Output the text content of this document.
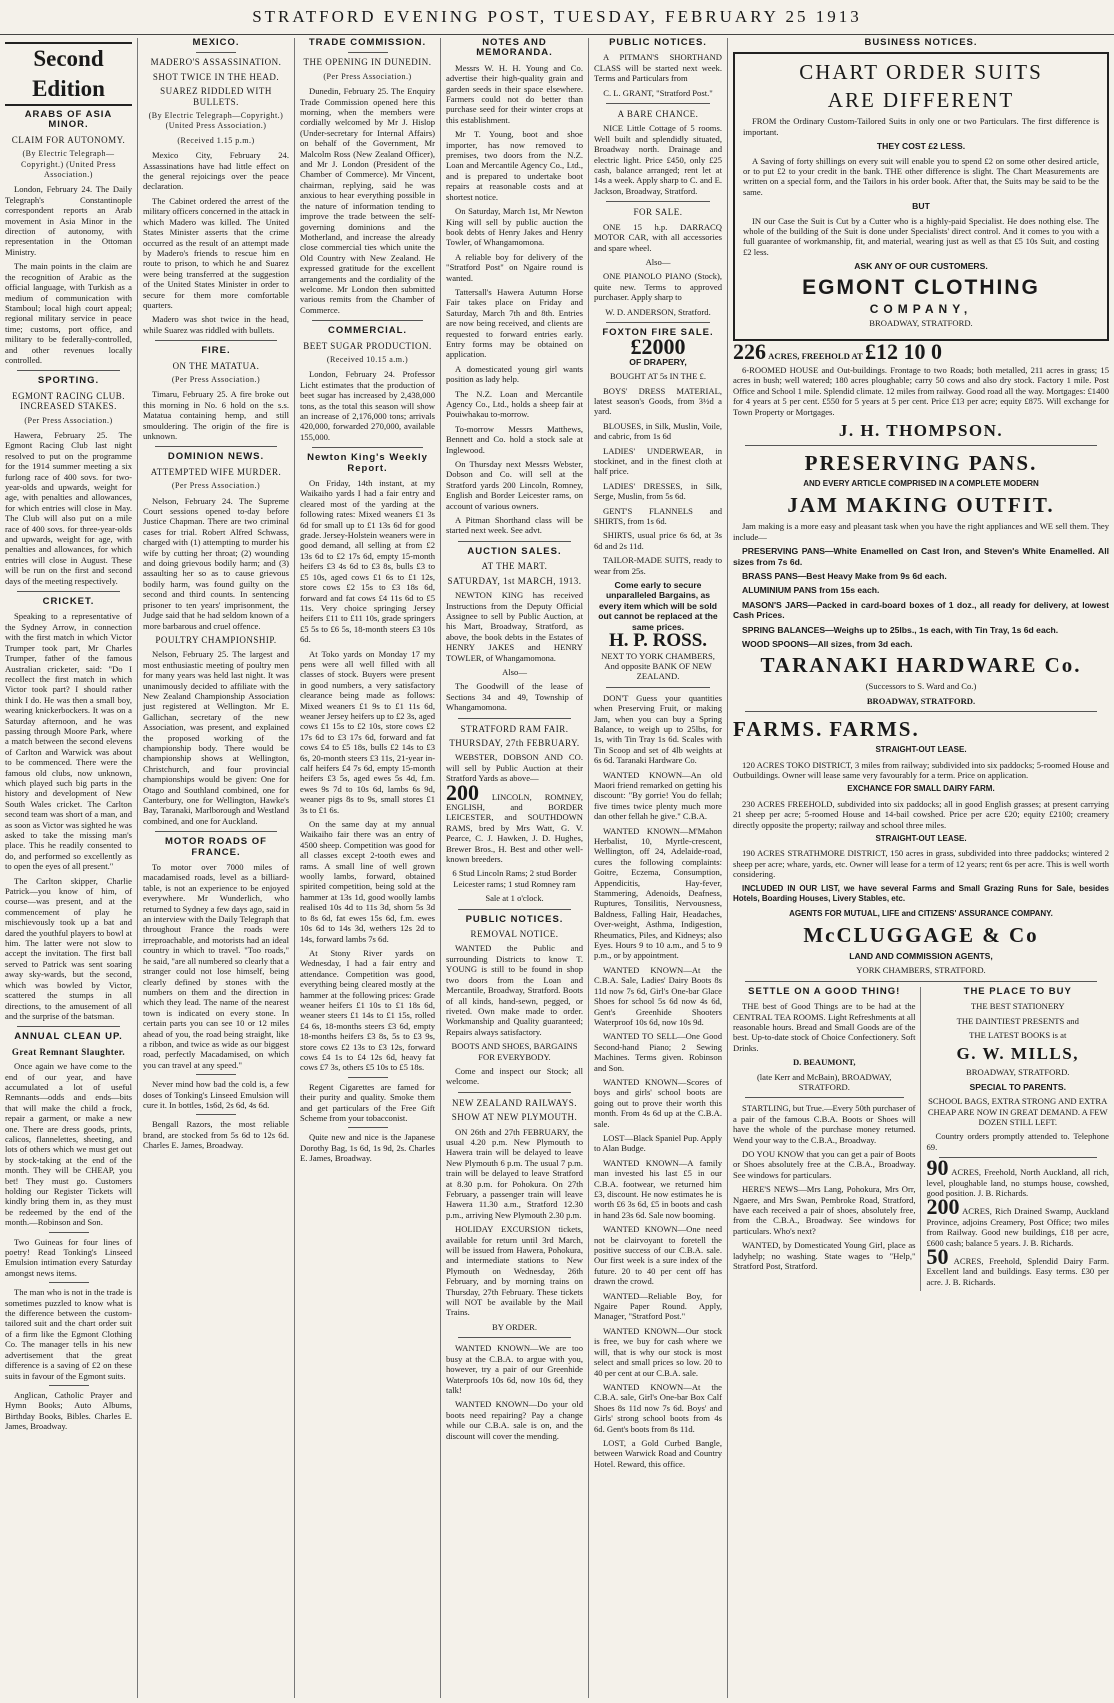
STRATFORD EVENING POST, TUESDAY, FEBRUARY 25 1913
Second Edition

ARABS OF ASIA MINOR.

CLAIM FOR AUTONOMY.

(By Electric Telegraph—Copyright.) (United Press Association.)

London, February 24. The Daily Telegraph's Constantinople correspondent reports an Arab movement in Asia Minor in the direction of autonomy, with representation in the Ottoman Ministry.

The main points in the claim are the recognition of Arabic as the official language, with Turkish as a medium of communication with Stamboul; local high court appeal; regional military service in peace time; customs, port office, and military to be federally-controlled, and other revenues locally controlled.

SPORTING.

EGMONT RACING CLUB. INCREASED STAKES.

(Per Press Association.)

Hawera, February 25. The Egmont Racing Club last night resolved to put on the programme for the 1914 summer meeting a six furlong race of 400 sovs. for two-year-olds and upwards, weight for age, with penalties and allowances, for which entries will close in May. The Club will also put on a mile race of 400 sovs. for three-year-olds and upwards, weight for age, with penalties and allowances, for which entries will close in August. These will be run on the first and second days of the meeting respectively.

CRICKET.

Speaking to a representative of the Sydney Arrow, in connection with the first match in which Victor Trumper took part, Mr Charles Trumper, father of the famous Australian cricketer, said: "Do I recollect the first match in which Victor took part? I should rather think I do. He was then a small boy, wearing knickerbockers. It was on a Saturday afternoon, and he was passing through Moore Park, where a match between the second elevens of Carlton and Warwick was about to be commenced. There were the famous old clubs, now unknown, which played such big parts in the history and development of New South Wales cricket. The Carlton second team was short of a man, and as soon as Victor was sighted he was asked to take the missing man's place. This he readily consented to do, and performed so excellently as to open the eyes of all present."

The Carlton skipper, Charlie Patrick—you know of him, of course—was present, and at the commencement of play he mischievously took up a bat and dared the youthful players to bowl at him. The latter were not slow to accept the invitation. The first ball served to Patrick was sent soaring away sky-wards, but the second, which was bowled by Victor, scattered the stumps in all directions, to the amusement of all and the surprise of the batsman.

ANNUAL CLEAN UP.

Great Remnant Slaughter.

Once again we have come to the end of our year, and have accumulated a lot of useful Remnants—odds and ends—bits that will make the child a frock, repair a garment, or make a new one. There are dress goods, prints, calicos, flannelettes, sheeting, and lots of others which we must get out by stock-taking at the end of the month. They will be CHEAP, you bet! They must go. Customers holding our Register Tickets will kindly bring them in, as they must be redeemed by the end of the month.—Robinson and Son.

Two Guineas for four lines of poetry! Read Tonking's Linseed Emulsion intimation every Saturday amongst news items.

The man who is not in the trade is sometimes puzzled to know what is the difference between the custom-tailored suit and the chart order suit of a firm like the Egmont Clothing Co. The manager tells in his new advertisement that the great difference is a saving of £2 on these suits in favour of the Egmont suits.

Anglican, Catholic Prayer and Hymn Books; Auto Albums, Birthday Books, Bibles. Charles E. James, Broadway.

MEXICO.

MADERO'S ASSASSINATION.

SHOT TWICE IN THE HEAD.

SUAREZ RIDDLED WITH BULLETS.

(By Electric Telegraph—Copyright.) (United Press Association.)

(Received 1.15 p.m.)

Mexico City, February 24. Assassinations have had little effect on the general rejoicings over the peace declaration.

The Cabinet ordered the arrest of the military officers concerned in the attack in which Madero was killed. The United States Minister asserts that the crime occurred as the result of an attempt made by Madero's friends to rescue him en route to prison, to which he and Suarez were being transferred at the suggestion of the United States Minister in order to secure for them more comfortable quarters.

Madero was shot twice in the head, while Suarez was riddled with bullets.

FIRE.

ON THE MATATUA.

(Per Press Association.)

Timaru, February 25. A fire broke out this morning in No. 6 hold on the s.s. Matatua containing hemp, and still smouldering. The origin of the fire is unknown.

DOMINION NEWS.

ATTEMPTED WIFE MURDER.

(Per Press Association.)

Nelson, February 24. The Supreme Court sessions opened to-day before Justice Chapman. There are two criminal cases for trial. Robert Alfred Schwass, charged with (1) attempting to murder his wife by cutting her throat; (2) wounding and doing grievous bodily harm; and (3) assaulting her so as to cause grievous bodily harm, was found guilty on the second and third counts. In sentencing prisoner to ten years' imprisonment, the Judge said that he had seldom known of a more barbarous and cruel offence.

POULTRY CHAMPIONSHIP.

Nelson, February 25. The largest and most enthusiastic meeting of poultry men for many years was held last night. It was unanimously decided to affiliate with the New Zealand Championship Association just registered at Wellington. Mr E. Gallichan, secretary of the new Association, was present, and explained the proposed working of the championship body. There would be championship shows at Wellington, Christchurch, and four provincial championships would be given: One for Otago and Southland combined, one for Canterbury, one for Wellington, Hawke's Bay, Taranaki, Marlborough and Westland combined, and one for Auckland.

MOTOR ROADS OF FRANCE.

To motor over 7000 miles of macadamised roads, level as a billiard-table, is not an experience to be enjoyed everywhere. Mr Wunderlich, who returned to Sydney a few days ago, said in an interview with the Daily Telegraph that throughout France the roads were irreproachable, and motorists had an ideal country in which to travel. "Too roads," he said, "are all numbered so clearly that a stranger could not lose himself, being clearly defined by stones with the numbers on them and the direction in which they lead. The name of the nearest town is indicated on every stone. In certain parts you can see 10 or 12 miles ahead of you, the road being straight, like a ribbon, and twice as wide as our biggest road, perfectly Macadamised, on which you can travel at any speed."

Never mind how bad the cold is, a few doses of Tonking's Linseed Emulsion will cure it. In bottles, 1s6d, 2s 6d, 4s 6d.

Bengall Razors, the most reliable brand, are stocked from 5s 6d to 12s 6d. Charles E. James, Broadway.

TRADE COMMISSION.

THE OPENING IN DUNEDIN.

(Per Press Association.)

Dunedin, February 25. The Enquiry Trade Commission opened here this morning, when the members were cordially welcomed by Mr J. Hislop (Under-secretary for Internal Affairs) on behalf of the Government, Mr Malcolm Ross (New Zealand Officer), and Mr J. London (President of the Chamber of Commerce). Mr Vincent, chairman, replying, said he was anxious to hear everything possible in the nature of information tending to improve the trade between the self-governing dominions and the Motherland, and increase the already close commercial ties which unite the Old Country with New Zealand. He expressed gratitude for the excellent arrangements and the cordiality of the welcome. Mr London then submitted various remits from the Chamber of Commerce.

COMMERCIAL.

BEET SUGAR PRODUCTION.

(Received 10.15 a.m.)

London, February 24. Professor Licht estimates that the production of beet sugar has increased by 2,438,000 tons, as the total this season will show an increase of 2,176,000 tons; arrivals 420,000, forwarded 270,000, available 155,000.

Newton King's Weekly Report.

On Friday, 14th instant, at my Waikaiho yards I had a fair entry and cleared most of the yarding at the following rates: Mixed weaners £1 3s 6d for small up to £1 13s 6d for good grade. Jersey-Holstein weaners were in good demand, all selling at from £2 13s 6d to £2 17s 6d, empty 15-month heifers £3 4s 6d to £3 8s, bulls £3 to £5 10s, aged cows £1 6s to £1 12s, store cows £2 15s to £3 18s 6d, forward and fat cows £4 11s 6d to £5 11s. Very choice springing Jersey heifers £11 to £11 10s, grade springers £5 5s to £6 5s, 18-month steers £3 10s 6d.

At Toko yards on Monday 17 my pens were all well filled with all classes of stock. Buyers were present in good numbers, a very satisfactory clearance being made as follows: Mixed weaners £1 9s to £1 11s 6d, weaner Jersey heifers up to £2 3s, aged cows £1 15s to £2 10s, store cows £2 17s 6d to £3 17s 6d, forward and fat cows £4 to £5 18s, bulls £2 14s to £3 6s, 20-month steers £3 11s, 21-year in-calf heifers £4 7s 6d, empty 15-month heifers £3 5s, aged ewes 5s 4d, f.m. ewes 9s 7d to 10s 6d, lambs 6s 9d, weaner pigs 8s to 9s, small stores £1 3s to £1 6s.

On the same day at my annual Waikaiho fair there was an entry of 4500 sheep. Competition was good for all classes except 2-tooth ewes and rams. A small line of well grown woolly lambs, forward, obtained spirited competition, being sold at the hammer at 13s 1d, good woolly lambs realised 10s 4d to 11s 3d, shorn 5s 3d to 8s 6d, fat ewes 15s 6d, f.m. ewes 10s 6d to 14s 3d, wethers 12s 2d to 14s, forward lambs 7s 6d.

At Stony River yards on Wednesday, I had a fair entry and attendance. Competition was good, everything being cleared mostly at the hammer at the following prices: Grade weaner heifers £1 10s to £1 18s 6d, weaner steers £1 14s to £1 15s, rolled £4 6s, 18-months steers £3 6d, empty 18-months heifers £3 8s, 5s to £3 9s, store cows £2 13s to £3 12s, forward cows £4 1s to £4 12s 6d, heavy fat cows £7 3s, others £5 10s to £5 18s.

Regent Cigarettes are famed for their purity and quality. Smoke them and get particulars of the Free Gift Scheme from your tobacconist.

Quite new and nice is the Japanese Dorothy Bag, 1s 6d, 1s 9d, 2s. Charles E. James, Broadway.

NOTES AND MEMORANDA.

Messrs W. H. H. Young and Co. advertise their high-quality grain and garden seeds in their space elsewhere. Farmers could not do better than purchase seed for their winter crops at this establishment.

Mr T. Young, boot and shoe importer, has now removed to premises, two doors from the N.Z. Loan and Mercantile Agency Co., Ltd., and is prepared to undertake boot repairs at reasonable costs and at shortest notice.

On Saturday, March 1st, Mr Newton King will sell by public auction the book debts of Henry Jakes and Henry Towler, of Whangamomona.

A reliable boy for delivery of the "Stratford Post" on Ngaire round is wanted.

Tattersall's Hawera Autumn Horse Fair takes place on Friday and Saturday, March 7th and 8th. Entries are now being received, and clients are requested to forward entries early. Entry forms may be obtained on application.

A domesticated young girl wants position as lady help.

The N.Z. Loan and Mercantile Agency Co., Ltd., holds a sheep fair at Pouiwhakau to-morrow.

To-morrow Messrs Matthews, Bennett and Co. hold a stock sale at Inglewood.

On Thursday next Messrs Webster, Dobson and Co. will sell at the Stratford yards 200 Lincoln, Romney, English and Border Leicester rams, on account of various owners.

A Pitman Shorthand class will be started next week. See advt.

AUCTION SALES.

AT THE MART.

SATURDAY, 1st MARCH, 1913.

NEWTON KING has received Instructions from the Deputy Official Assignee to sell by Public Auction, at his Mart, Broadway, Stratford, as above, the book debts in the Estates of HENRY JAKES and HENRY TOWLER, of Whangamomona.

Also—

The Goodwill of the lease of Sections 34 and 49, Township of Whangamomona.

STRATFORD RAM FAIR.

THURSDAY, 27th FEBRUARY.

WEBSTER, DOBSON AND CO. will sell by Public Auction at their Stratford Yards as above—

200 LINCOLN, ROMNEY, ENGLISH, and BORDER LEICESTER, and SOUTHDOWN RAMS, bred by Mrs Watt, G. V. Pearce, C. J. Hawken, J. D. Hughes, Brewer Bros., H. Best and other well-known breeders.

6 Stud Lincoln Rams; 2 stud Border Leicester rams; 1 stud Romney ram

Sale at 1 o'clock.

PUBLIC NOTICES.

REMOVAL NOTICE.

WANTED the Public and surrounding Districts to know T. YOUNG is still to be found in shop two doors from the Loan and Mercantile, Broadway, Stratford. Boots of all kinds, hand-sewn, pegged, or riveted. Own make made to order. Workmanship and Quality guaranteed; Repairs always satisfactory.

BOOTS AND SHOES, BARGAINS FOR EVERYBODY.

Come and inspect our Stock; all welcome.

NEW ZEALAND RAILWAYS.

SHOW AT NEW PLYMOUTH.

ON 26th and 27th FEBRUARY, the usual 4.20 p.m. New Plymouth to Hawera train will be delayed to leave New Plymouth 6 p.m. The usual 7 p.m. train will be delayed to leave Stratford at 8.30 p.m. for Pohokura. On 27th February, a passenger train will leave Hawera 11.30 a.m., Stratford 12.30 p.m., arriving New Plymouth 2.30 p.m.

HOLIDAY EXCURSION tickets, available for return until 3rd March, will be issued from Hawera, Pohokura, and intermediate stations to New Plymouth on Wednesday, 26th February, and by morning trains on Thursday, 27th February. These tickets will NOT be available by the Mail Trains.

BY ORDER.

WANTED KNOWN—We are too busy at the C.B.A. to argue with you, however, try a pair of our Greenhide Waterproofs 10s 6d, now 10s 6d, they talk!

WANTED KNOWN—Do your old boots need repairing? Pay a change while our C.B.A. sale is on, and the discount will cover the mending.

PUBLIC NOTICES.

A PITMAN'S SHORTHAND CLASS will be started next week. Terms and Particulars from

C. L. GRANT, "Stratford Post."

A BARE CHANCE.

NICE Little Cottage of 5 rooms. Well built and splendidly situated, Broadway north. Drainage and electric light. Price £450, only £25 cash, balance arranged; rent let at 14s a week. Apply sharp to C. and E. Jackson, Broadway, Stratford.

FOR SALE.

ONE 15 h.p. DARRACQ MOTOR CAR, with all accessories and spare wheel.

Also—

ONE PIANOLO PIANO (Stock), quite new. Terms to approved purchaser. Apply sharp to

W. D. ANDERSON, Stratford.

FOXTON FIRE SALE.

£2000

OF DRAPERY,

BOUGHT AT 5s IN THE £.

BOYS' DRESS MATERIAL, latest season's Goods, from 3½d a yard.

BLOUSES, in Silk, Muslin, Voile, and cabric, from 1s 6d

LADIES' UNDERWEAR, in stockinet, and in the finest cloth at half price.

LADIES' DRESSES, in Silk, Serge, Muslin, from 5s 6d.

GENT'S FLANNELS and SHIRTS, from 1s 6d.

SHIRTS, usual price 6s 6d, at 3s 6d and 2s 11d.

TAILOR-MADE SUITS, ready to wear from 25s.

Come early to secure unparalleled Bargains, as every item which will be sold out cannot be replaced at the same prices.

H. P. ROSS.

NEXT TO YORK CHAMBERS, And opposite BANK OF NEW ZEALAND.

DON'T Guess your quantities when Preserving Fruit, or making Jam, when you can buy a Spring Balance, to weigh up to 25lbs, for 1s, with Tin Tray 1s 6d. Scales with Tin Scoop and set of 4lb weights at 6s 6d. Taranaki Hardware Co.

WANTED KNOWN—An old Maori friend remarked on getting his discount: "By gorrie! You do fellah; five times twice plenty much more dan other fellah he give." C.B.A.

WANTED KNOWN—M'Mahon Herbalist, 10, Myrtle-crescent, Wellington, off 24, Adelaide-road, cures the following complaints: Goitre, Eczema, Consumption, Appendicitis, Hay-fever, Stammering, Adenoids, Deafness, Ruptures, Tonsilitis, Nervousness, Baldness, Falling Hair, Headaches, Over-weight, Asthma, Indigestion, Rheumatics, Piles, and Kidneys; also Eyes. Hours 9 to 10 a.m., and 5 to 9 p.m., or by appointment.

WANTED KNOWN—At the C.B.A. Sale, Ladies' Dairy Boots 8s 11d now 7s 6d, Girl's One-bar Glace Shoes for school 5s 6d now 4s 6d, Gent's Greenhide Shooters Waterproof 10s 6d, now 10s 9d.

WANTED TO SELL—One Good Second-hand Piano; 2 Sewing Machines. Terms given. Robinson and Son.

WANTED KNOWN—Scores of boys and girls' school boots are going out to prove their worth this month. From 4s 6d up at the C.B.A. sale.

LOST—Black Spaniel Pup. Apply to Alan Budge.

WANTED KNOWN—A family man invested his last £5 in our C.B.A. footwear, we returned him £3, discount. He now estimates he is worth £6 3s 6d, £5 in boots and cash in hand 23s 6d. Sale now booming.

WANTED KNOWN—One need not be clairvoyant to foretell the positive success of our C.B.A. sale. Our first week is a sure index of the future. 20 to 40 per cent off has drawn the crowd.

WANTED—Reliable Boy, for Ngaire Paper Round. Apply, Manager, "Stratford Post."

WANTED KNOWN—Our stock is free, we buy for cash where we will, that is why our stock is most select and small prices so low. 20 to 40 per cent at our C.B.A. sale.

WANTED KNOWN—At the C.B.A. sale, Girl's One-bar Box Calf Shoes 8s 11d now 7s 6d. Boys' and Girls' strong school boots from 4s 6d. Gent's boots from 8s 11d.

LOST, a Gold Curbed Bangle, between Warwick Road and Country Hotel. Reward, this office.

BUSINESS NOTICES.

CHART ORDER SUITS

ARE DIFFERENT

FROM the Ordinary Custom-Tailored Suits in only one or two Particulars. The first difference is important.

THEY COST £2 LESS.

A Saving of forty shillings on every suit will enable you to spend £2 on some other desired article, or to put £2 to your credit in the bank. THE other difference is slight. The Chart Measurements are written on a special form, and the Tailors in his order book. After that, the Suits may be said to be the same.

BUT

IN our Case the Suit is Cut by a Cutter who is a highly-paid Specialist. He does nothing else. The whole of the building of the Suit is done under Specialists' direct control. And it comes to you with a full guarantee of workmanship, fit, and material, wearing just as well as that £5 10s Suit, and costing £2 less.

ASK ANY OF OUR CUSTOMERS.

EGMONT CLOTHING

COMPANY,

BROADWAY, STRATFORD.

226 ACRES, FREEHOLD AT £12 10 0

6-ROOMED HOUSE and Out-buildings. Frontage to two Roads; both metalled, 211 acres in grass; 15 acres in bush; well watered; 180 acres ploughable; carry 50 cows and also dry stock. Factory 1 mile. Post Office and School 1 mile. Splendid climate. 12 miles from railway. Good road all the way. Mortgages: £1400 for 4 years at 5 per cent. £550 for 5 years at 5 per cent. Price £13 per acre; equity £875. Will exchange for Town Property or Mortgages.

J. H. THOMPSON.

PRESERVING PANS.

AND EVERY ARTICLE COMPRISED IN A COMPLETE MODERN

JAM MAKING OUTFIT.

Jam making is a more easy and pleasant task when you have the right appliances and WE sell them. They include—

PRESERVING PANS—White Enamelled on Cast Iron, and Steven's White Enamelled. All sizes from 7s 6d.

BRASS PANS—Best Heavy Make from 9s 6d each.

ALUMINIUM PANS from 15s each.

MASON'S JARS—Packed in card-board boxes of 1 doz., all ready for delivery, at lowest Cash Prices.

SPRING BALANCES—Weighs up to 25lbs., 1s each, with Tin Tray, 1s 6d each.

WOOD SPOONS—All sizes, from 3d each.

TARANAKI HARDWARE Co.

(Successors to S. Ward and Co.)

BROADWAY, STRATFORD.

FARMS. FARMS.

STRAIGHT-OUT LEASE.

120 ACRES TOKO DISTRICT, 3 miles from railway; subdivided into six paddocks; 5-roomed House and Outbuildings. Owner will lease same very favourably for a term. Price on application.

EXCHANCE FOR SMALL DAIRY FARM.

230 ACRES FREEHOLD, subdivided into six paddocks; all in good English grasses; at present carrying 21 sheep per acre; 5-roomed House and 14-bail cowshed. Price per acre £20; equity £2100; creamery directly opposite the property; railway and school three miles.

STRAIGHT-OUT LEASE.

190 ACRES STRATHMORE DISTRICT, 150 acres in grass, subdivided into three paddocks; wintered 2 sheep per acre; whare, yards, etc. Owner will lease for a term of 12 years; rent 6s per acre. This is well worth considering.

INCLUDED IN OUR LIST, we have several Farms and Small Grazing Runs for Sale, besides Hotels, Boarding Houses, Livery Stables, etc.

AGENTS FOR MUTUAL, LIFE and CITIZENS' ASSURANCE COMPANY.

McCLUGGAGE & Co

LAND AND COMMISSION AGENTS,

YORK CHAMBERS, STRATFORD.

SETTLE ON A GOOD THING!

THE best of Good Things are to be had at the CENTRAL TEA ROOMS. Light Refreshments at all reasonable hours. Bread and Small Goods are of the best. Up-to-date stock of Choice Confectionery. Soft Drinks.

D. BEAUMONT,

(late Kerr and McBain), BROADWAY, STRATFORD.

STARTLING, but True.—Every 50th purchaser of a pair of the famous C.B.A. Boots or Shoes will have the whole of the purchase money returned. Wend your way to the C.B.A., Broadway.

DO YOU KNOW that you can get a pair of Boots or Shoes absolutely free at the C.B.A., Broadway. See windows for particulars.

HERE'S NEWS—Mrs Lang, Pohokura, Mrs Orr, Ngaere, and Mrs Swan, Pembroke Road, Stratford, have each received a pair of shoes, absolutely free, from the C.B.A., Broadway. See windows for particulars. Who's next?

WANTED, by Domesticated Young Girl, place as ladyhelp; no washing. State wages to "Help," Stratford Post, Stratford.

THE PLACE TO BUY

THE BEST STATIONERY

THE DAINTIEST PRESENTS and

THE LATEST BOOKS is at

G. W. MILLS,

BROADWAY, STRATFORD.

SPECIAL TO PARENTS.

SCHOOL BAGS, EXTRA STRONG AND EXTRA CHEAP ARE NOW IN GREAT DEMAND. A FEW DOZEN STILL LEFT.

Country orders promptly attended to. Telephone 69.

90 ACRES, Freehold, North Auckland, all rich, level, ploughable land, no stumps house, cowshed, good position. J. B. Richards.

200 ACRES, Rich Drained Swamp, Auckland Province, adjoins Creamery, Post Office; two miles from Railway. Good new buildings, £18 per acre, £600 cash; balance 5 years. J. B. Richards.

50 ACRES, Freehold, Splendid Dairy Farm. Excellent land and buildings. Easy terms. £30 per acre. J. B. Richards.
